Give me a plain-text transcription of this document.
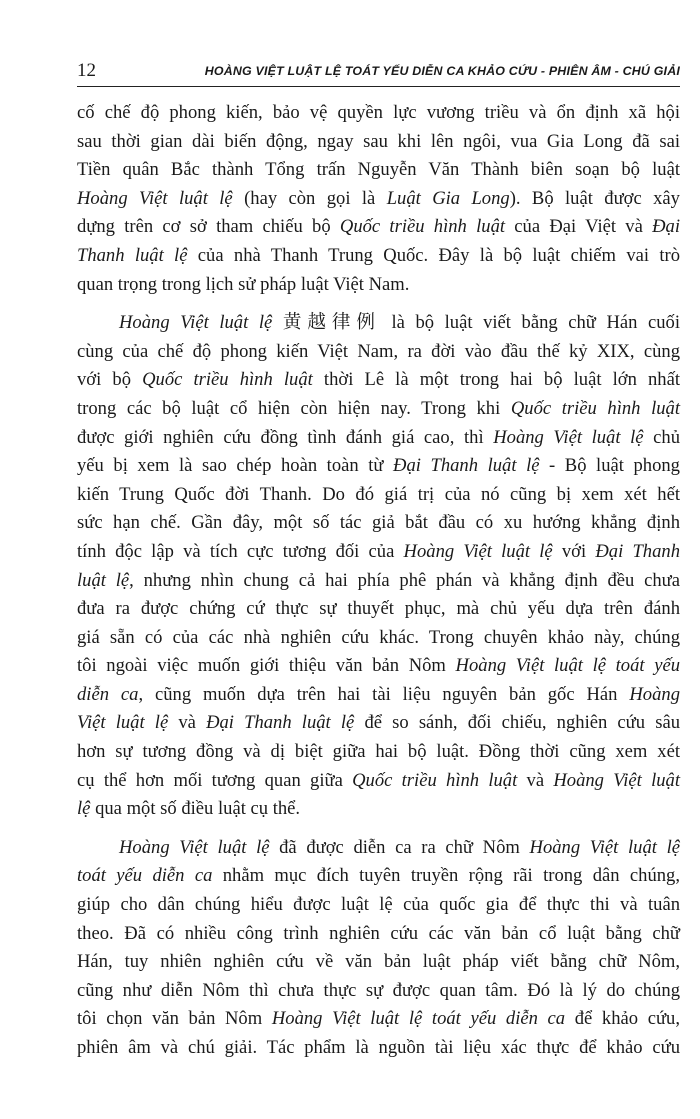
12	HOÀNG VIỆT LUẬT LỆ TOÁT YẾU DIỄN CA KHẢO CỨU - PHIÊN ÂM - CHÚ GIẢI
cố chế độ phong kiến, bảo vệ quyền lực vương triều và ổn định xã hội
sau thời gian dài biến động, ngay sau khi lên ngôi, vua Gia Long đã sai
Tiền quân Bắc thành Tổng trấn Nguyễn Văn Thành biên soạn bộ luật
Hoàng Việt luật lệ (hay còn gọi là Luật Gia Long). Bộ luật được xây
dựng trên cơ sở tham chiếu bộ Quốc triều hình luật của Đại Việt và Đại
Thanh luật lệ của nhà Thanh Trung Quốc. Đây là bộ luật chiếm vai trò
quan trọng trong lịch sử pháp luật Việt Nam.
Hoàng Việt luật lệ 黄越律例 là bộ luật viết bằng chữ Hán cuối
cùng của chế độ phong kiến Việt Nam, ra đời vào đầu thế kỷ XIX, cùng
với bộ Quốc triều hình luật thời Lê là một trong hai bộ luật lớn nhất
trong các bộ luật cổ hiện còn hiện nay. Trong khi Quốc triều hình luật
được giới nghiên cứu đồng tình đánh giá cao, thì Hoàng Việt luật lệ chủ
yếu bị xem là sao chép hoàn toàn từ Đại Thanh luật lệ - Bộ luật phong
kiến Trung Quốc đời Thanh. Do đó giá trị của nó cũng bị xem xét hết
sức hạn chế. Gần đây, một số tác giả bắt đầu có xu hướng khẳng định
tính độc lập và tích cực tương đối của Hoàng Việt luật lệ với Đại Thanh
luật lệ, nhưng nhìn chung cả hai phía phê phán và khẳng định đều chưa
đưa ra được chứng cứ thực sự thuyết phục, mà chủ yếu dựa trên đánh
giá sẵn có của các nhà nghiên cứu khác. Trong chuyên khảo này, chúng
tôi ngoài việc muốn giới thiệu văn bản Nôm Hoàng Việt luật lệ toát yếu
diễn ca, cũng muốn dựa trên hai tài liệu nguyên bản gốc Hán Hoàng
Việt luật lệ và Đại Thanh luật lệ để so sánh, đối chiếu, nghiên cứu sâu
hơn sự tương đồng và dị biệt giữa hai bộ luật. Đồng thời cũng xem xét
cụ thể hơn mối tương quan giữa Quốc triều hình luật và Hoàng Việt luật
lệ qua một số điều luật cụ thể.
Hoàng Việt luật lệ đã được diễn ca ra chữ Nôm Hoàng Việt luật lệ
toát yếu diễn ca nhằm mục đích tuyên truyền rộng rãi trong dân chúng,
giúp cho dân chúng hiểu được luật lệ của quốc gia để thực thi và tuân
theo. Đã có nhiều công trình nghiên cứu các văn bản cổ luật bằng chữ
Hán, tuy nhiên nghiên cứu về văn bản luật pháp viết bằng chữ Nôm,
cũng như diễn Nôm thì chưa thực sự được quan tâm. Đó là lý do chúng
tôi chọn văn bản Nôm Hoàng Việt luật lệ toát yếu diễn ca để khảo cứu,
phiên âm và chú giải. Tác phẩm là nguồn tài liệu xác thực để khảo cứu
